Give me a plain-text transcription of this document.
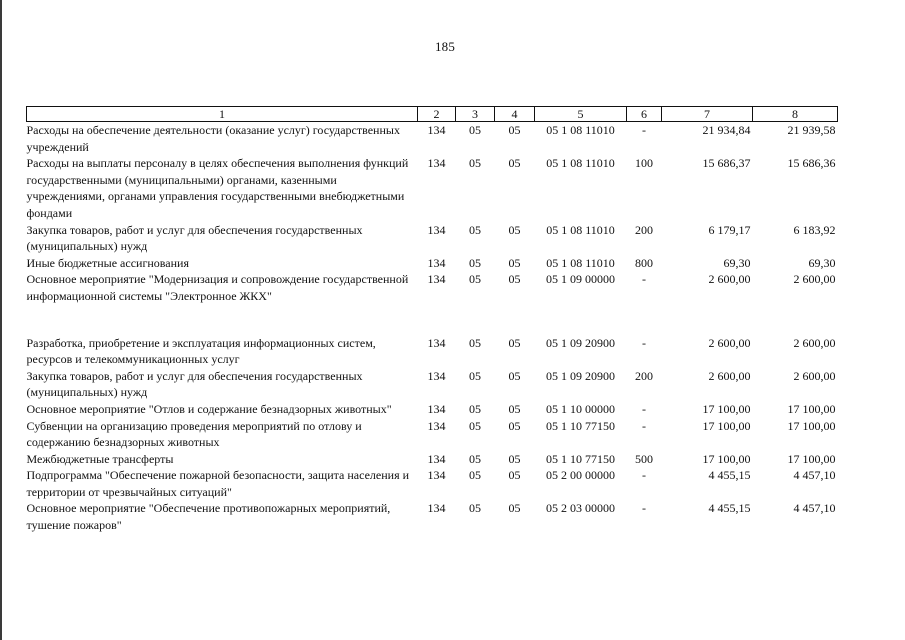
185
1	2	3	4	5	6	7	8
Расходы на обеспечение деятельности (оказание услуг) государственных учреждений	134	05	05	05 1 08 11010	-	21 934,84	21 939,58
Расходы на выплаты персоналу в целях обеспечения выполнения функций государственными (муниципальными) органами, казенными учреждениями, органами управления государственными внебюджетными фондами	134	05	05	05 1 08 11010	100	15 686,37	15 686,36
Закупка товаров, работ и услуг для обеспечения государственных (муниципальных) нужд	134	05	05	05 1 08 11010	200	6 179,17	6 183,92
Иные бюджетные ассигнования	134	05	05	05 1 08 11010	800	69,30	69,30
Основное мероприятие "Модернизация и сопровождение государственной информационной системы "Электронное ЖКХ"	134	05	05	05 1 09 00000	-	2 600,00	2 600,00

Разработка, приобретение и эксплуатация информационных систем, ресурсов и телекоммуникационных услуг	134	05	05	05 1 09 20900	-	2 600,00	2 600,00
Закупка товаров, работ и услуг для обеспечения государственных (муниципальных) нужд	134	05	05	05 1 09 20900	200	2 600,00	2 600,00
Основное мероприятие "Отлов и содержание безнадзорных животных"	134	05	05	05 1 10 00000	-	17 100,00	17 100,00
Субвенции на организацию проведения мероприятий по отлову и содержанию безнадзорных животных	134	05	05	05 1 10 77150	-	17 100,00	17 100,00
Межбюджетные трансферты	134	05	05	05 1 10 77150	500	17 100,00	17 100,00
Подпрограмма "Обеспечение пожарной безопасности, защита населения и территории от чрезвычайных ситуаций"	134	05	05	05 2 00 00000	-	4 455,15	4 457,10
Основное мероприятие "Обеспечение противопожарных мероприятий, тушение пожаров"	134	05	05	05 2 03 00000	-	4 455,15	4 457,10
